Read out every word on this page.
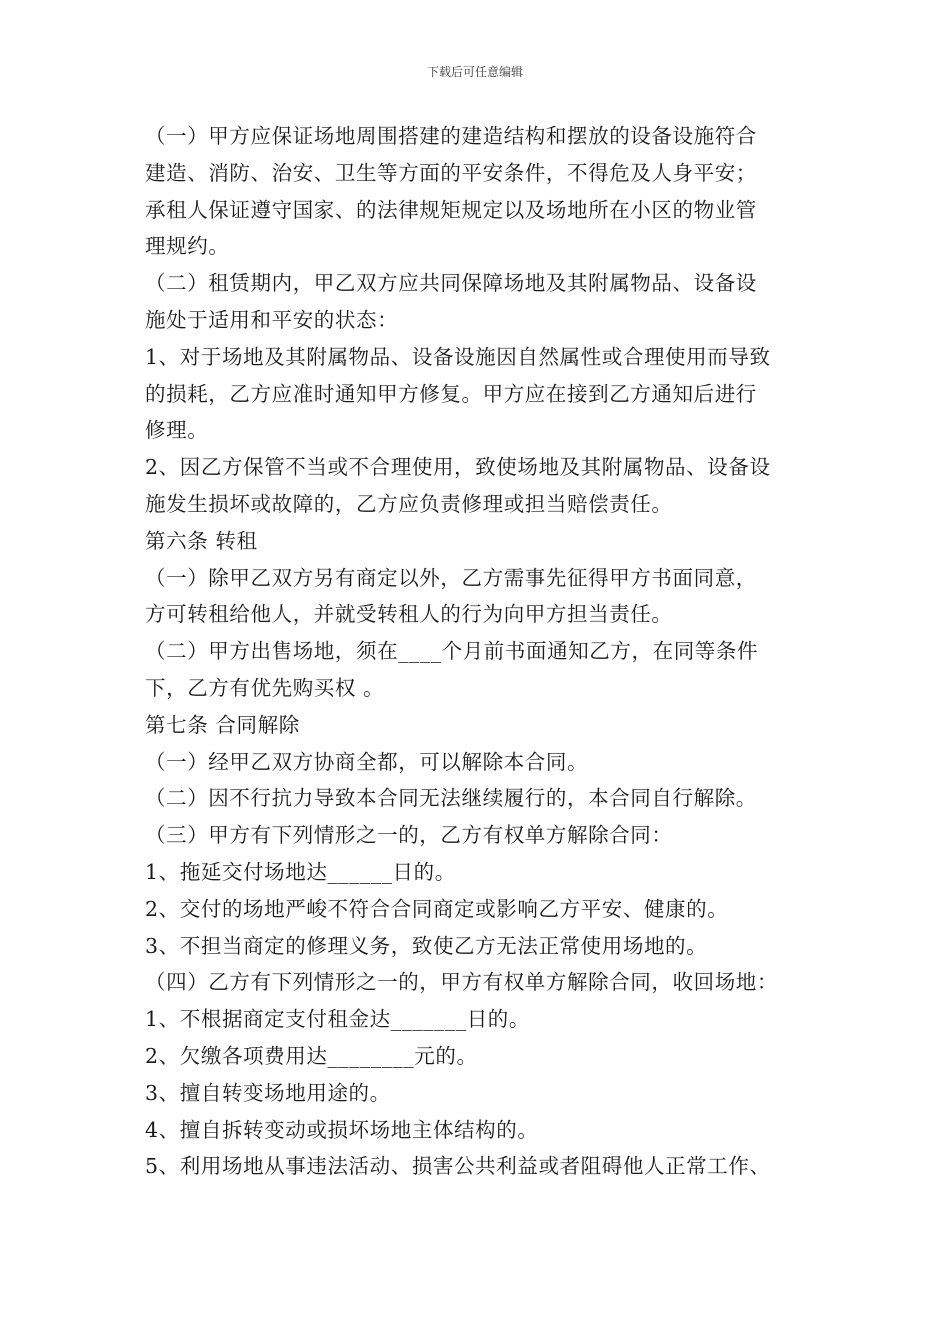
下载后可任意编辑
（一）甲方应保证场地周围搭建的建造结构和摆放的设备设施符合
建造、消防、治安、卫生等方面的平安条件，不得危及人身平安；
承租人保证遵守国家、的法律规矩规定以及场地所在小区的物业管
理规约。
（二）租赁期内，甲乙双方应共同保障场地及其附属物品、设备设
施处于适用和平安的状态：
1、对于场地及其附属物品、设备设施因自然属性或合理使用而导致
的损耗，乙方应准时通知甲方修复。甲方应在接到乙方通知后进行
修理。
2、因乙方保管不当或不合理使用，致使场地及其附属物品、设备设
施发生损坏或故障的，乙方应负责修理或担当赔偿责任。
第六条 转租
（一）除甲乙双方另有商定以外，乙方需事先征得甲方书面同意，
方可转租给他人，并就受转租人的行为向甲方担当责任。
（二）甲方出售场地，须在____个月前书面通知乙方，在同等条件
下，乙方有优先购买权 。
第七条 合同解除
（一）经甲乙双方协商全都，可以解除本合同。
（二）因不行抗力导致本合同无法继续履行的，本合同自行解除。
（三）甲方有下列情形之一的，乙方有权单方解除合同：
1、拖延交付场地达______日的。
2、交付的场地严峻不符合合同商定或影响乙方平安、健康的。
3、不担当商定的修理义务，致使乙方无法正常使用场地的。
（四）乙方有下列情形之一的，甲方有权单方解除合同，收回场地：
1、不根据商定支付租金达_______日的。
2、欠缴各项费用达________元的。
3、擅自转变场地用途的。
4、擅自拆转变动或损坏场地主体结构的。
5、利用场地从事违法活动、损害公共利益或者阻碍他人正常工作、
